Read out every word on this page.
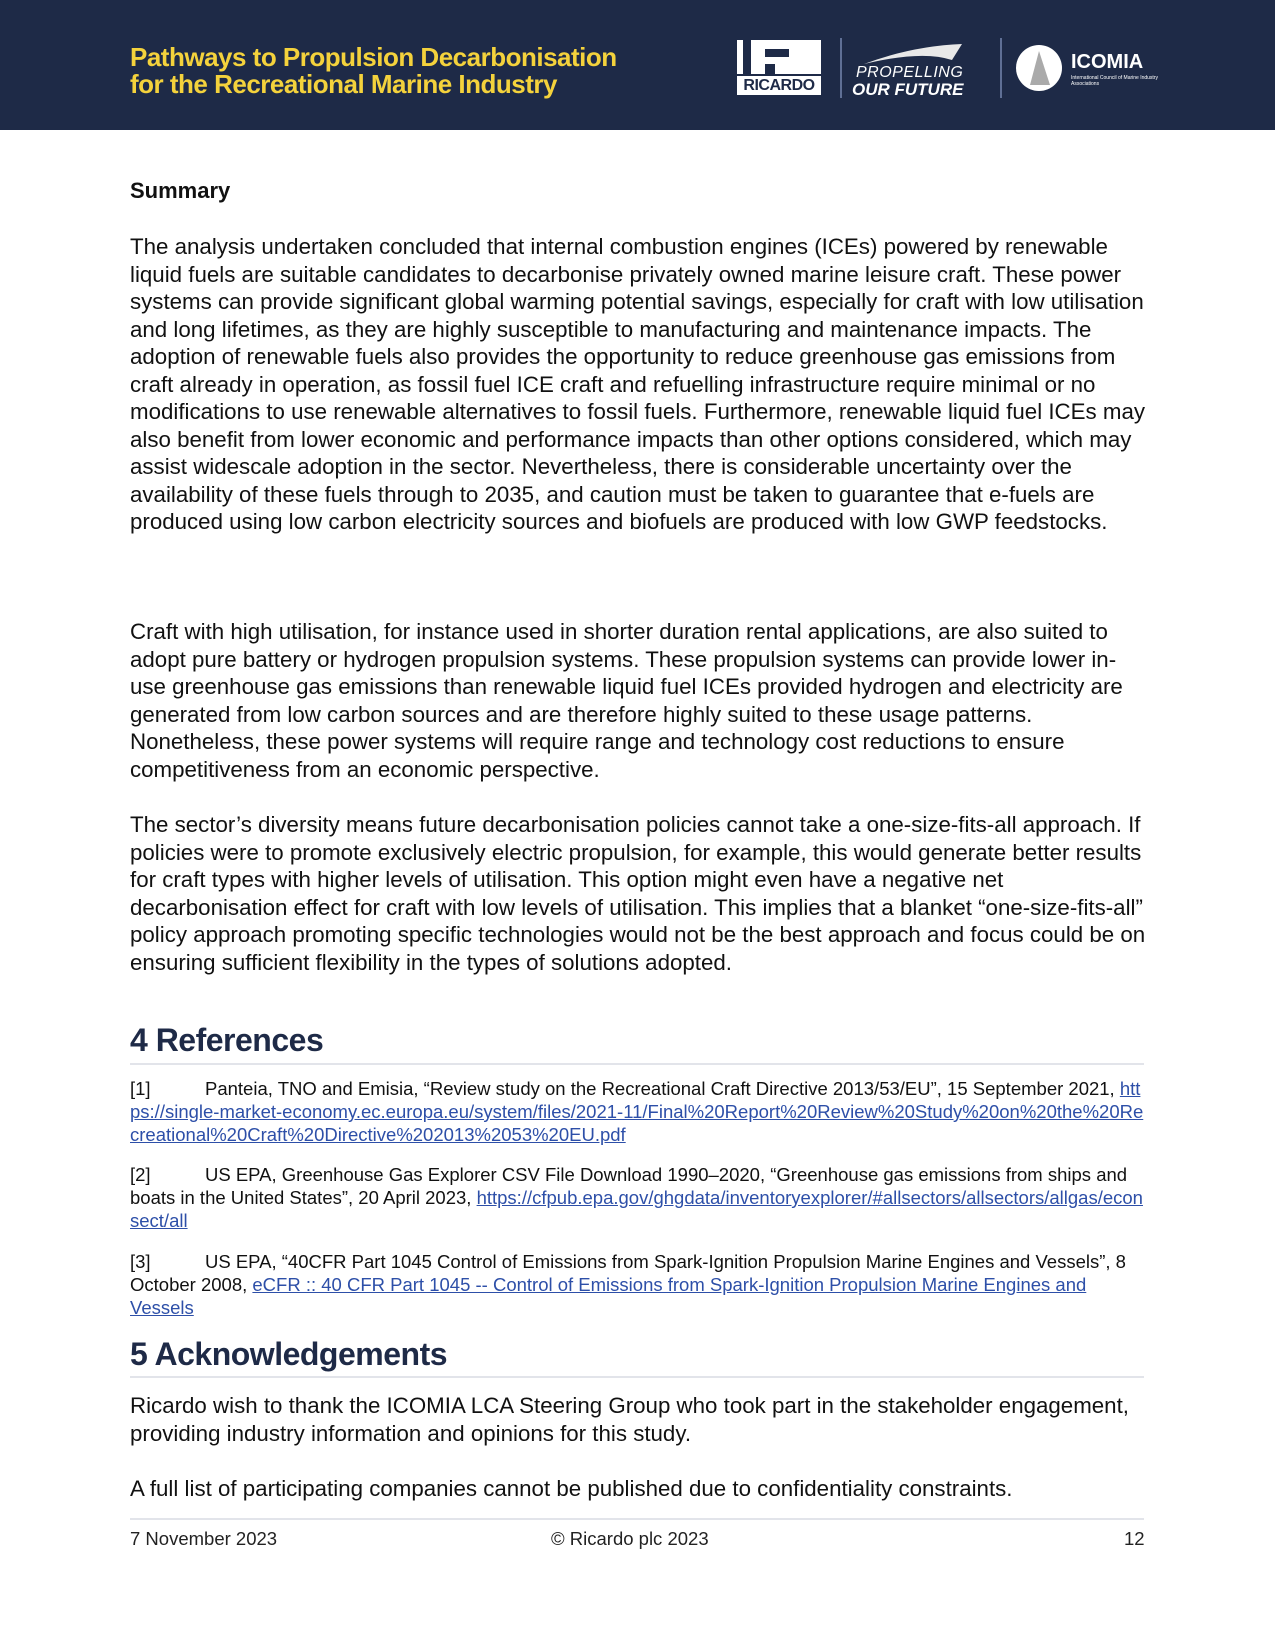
Pathways to Propulsion Decarbonisation
for the Recreational Marine Industry	RICARDO
PROPELLING
OUR FUTURE
ICOMIA
International Council of Marine Industry Associations
Summary

The analysis undertaken concluded that internal combustion engines (ICEs) powered by renewable liquid fuels are suitable candidates to decarbonise privately owned marine leisure craft. These power systems can provide significant global warming potential savings, especially for craft with low utilisation and long lifetimes, as they are highly susceptible to manufacturing and maintenance impacts. The adoption of renewable fuels also provides the opportunity to reduce greenhouse gas emissions from craft already in operation, as fossil fuel ICE craft and refuelling infrastructure require minimal or no modifications to use renewable alternatives to fossil fuels. Furthermore, renewable liquid fuel ICEs may also benefit from lower economic and performance impacts than other options considered, which may assist widescale adoption in the sector. Nevertheless, there is considerable uncertainty over the availability of these fuels through to 2035, and caution must be taken to guarantee that e-fuels are produced using low carbon electricity sources and biofuels are produced with low GWP feedstocks.

Craft with high utilisation, for instance used in shorter duration rental applications, are also suited to adopt pure battery or hydrogen propulsion systems. These propulsion systems can provide lower in-use greenhouse gas emissions than renewable liquid fuel ICEs provided hydrogen and electricity are generated from low carbon sources and are therefore highly suited to these usage patterns. Nonetheless, these power systems will require range and technology cost reductions to ensure competitiveness from an economic perspective.

The sector’s diversity means future decarbonisation policies cannot take a one-size-fits-all approach. If policies were to promote exclusively electric propulsion, for example, this would generate better results for craft types with higher levels of utilisation. This option might even have a negative net decarbonisation effect for craft with low levels of utilisation. This implies that a blanket “one-size-fits-all” policy approach promoting specific technologies would not be the best approach and focus could be on ensuring sufficient flexibility in the types of solutions adopted.

4 References
[1]	Panteia, TNO and Emisia, “Review study on the Recreational Craft Directive 2013/53/EU”, 15 September 2021, https://single-market-economy.ec.europa.eu/system/files/2021-11/Final%20Report%20Review%20Study%20on%20the%20Recreational%20Craft%20Directive%202013%2053%20EU.pdf
[2]	US EPA, Greenhouse Gas Explorer CSV File Download 1990–2020, “Greenhouse gas emissions from ships and boats in the United States”, 20 April 2023, https://cfpub.epa.gov/ghgdata/inventoryexplorer/#allsectors/allsectors/allgas/econsect/all
[3]	US EPA, “40CFR Part 1045 Control of Emissions from Spark-Ignition Propulsion Marine Engines and Vessels”, 8 October 2008, eCFR :: 40 CFR Part 1045 -- Control of Emissions from Spark-Ignition Propulsion Marine Engines and Vessels
5 Acknowledgements

Ricardo wish to thank the ICOMIA LCA Steering Group who took part in the stakeholder engagement, providing industry information and opinions for this study.

A full list of participating companies cannot be published due to confidentiality constraints.

7 November 2023	© Ricardo plc 2023	12
